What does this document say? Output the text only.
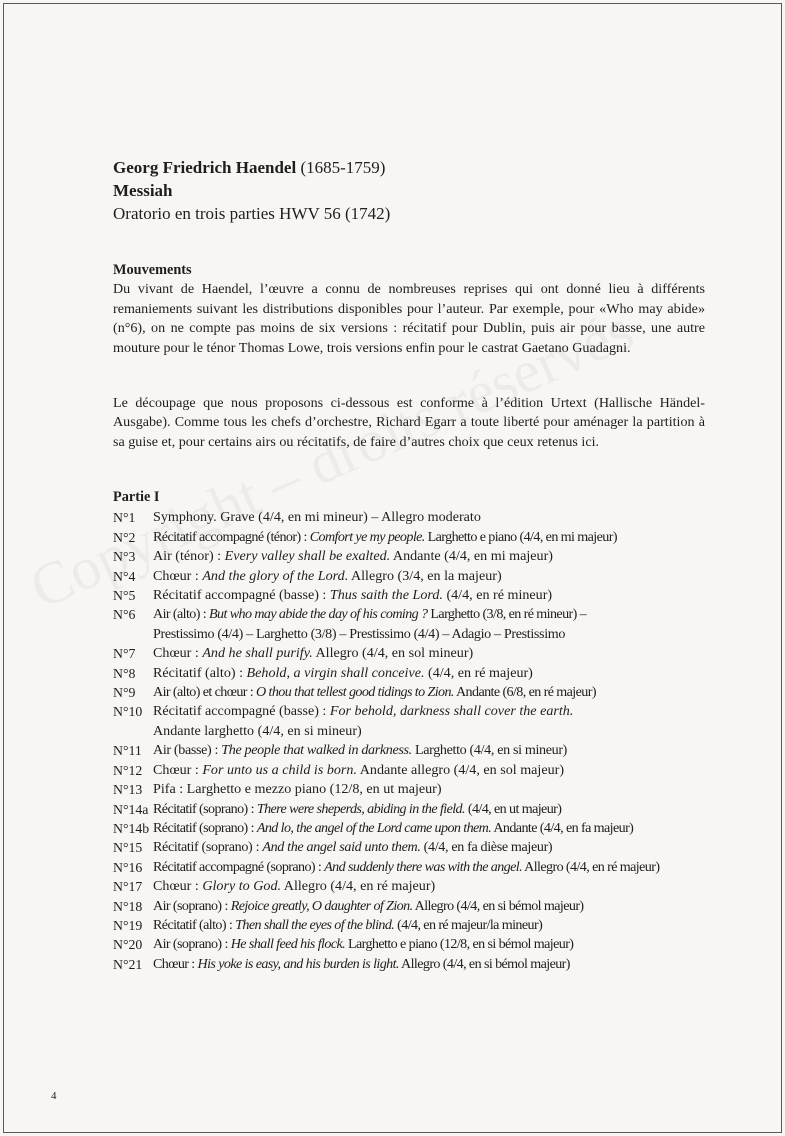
Georg Friedrich Haendel (1685-1759)
Messiah
Oratorio en trois parties HWV 56 (1742)
Mouvements
Du vivant de Haendel, l’œuvre a connu de nombreuses reprises qui ont donné lieu à différents remaniements suivant les distributions disponibles pour l’auteur. Par exemple, pour «Who may abide» (n°6), on ne compte pas moins de six versions : récitatif pour Dublin, puis air pour basse, une autre mouture pour le ténor Thomas Lowe, trois versions enfin pour le castrat Gaetano Guadagni.
Le découpage que nous proposons ci-dessous est conforme à l’édition Urtext (Hallische Händel-Ausgabe). Comme tous les chefs d’orchestre, Richard Egarr a toute liberté pour aménager la partition à sa guise et, pour certains airs ou récitatifs, de faire d’autres choix que ceux retenus ici.
Partie I
N°1	Symphony. Grave (4/4, en mi mineur) – Allegro moderato
N°2	Récitatif accompagné (ténor) : Comfort ye my people. Larghetto e piano (4/4, en mi majeur)
N°3	Air (ténor) : Every valley shall be exalted. Andante (4/4, en mi majeur)
N°4	Chœur : And the glory of the Lord. Allegro (3/4, en la majeur)
N°5	Récitatif accompagné (basse) : Thus saith the Lord. (4/4, en ré mineur)
N°6	Air (alto) : But who may abide the day of his coming ? Larghetto (3/8, en ré mineur) –
Prestissimo (4/4) – Larghetto (3/8) – Prestissimo (4/4) – Adagio – Prestissimo
N°7	Chœur : And he shall purify. Allegro (4/4, en sol mineur)
N°8	Récitatif (alto) : Behold, a virgin shall conceive. (4/4, en ré majeur)
N°9	Air (alto) et chœur : O thou that tellest good tidings to Zion. Andante (6/8, en ré majeur)
N°10 Récitatif accompagné (basse) : For behold, darkness shall cover the earth.
Andante larghetto (4/4, en si mineur)
N°11 Air (basse) : The people that walked in darkness. Larghetto (4/4, en si mineur)
N°12 Chœur : For unto us a child is born. Andante allegro (4/4, en sol majeur)
N°13 Pifa : Larghetto e mezzo piano (12/8, en ut majeur)
N°14a Récitatif (soprano) : There were sheperds, abiding in the field. (4/4, en ut majeur)
N°14b Récitatif (soprano) : And lo, the angel of the Lord came upon them. Andante (4/4, en fa majeur)
N°15 Récitatif (soprano) : And the angel said unto them. (4/4, en fa dièse majeur)
N°16 Récitatif accompagné (soprano) : And suddenly there was with the angel. Allegro (4/4, en ré majeur)
N°17 Chœur : Glory to God. Allegro (4/4, en ré majeur)
N°18 Air (soprano) : Rejoice greatly, O daughter of Zion. Allegro (4/4, en si bémol majeur)
N°19 Récitatif (alto) : Then shall the eyes of the blind. (4/4, en ré majeur/la mineur)
N°20 Air (soprano) : He shall feed his flock. Larghetto e piano (12/8, en si bémol majeur)
N°21 Chœur : His yoke is easy, and his burden is light. Allegro (4/4, en si bémol majeur)
4
